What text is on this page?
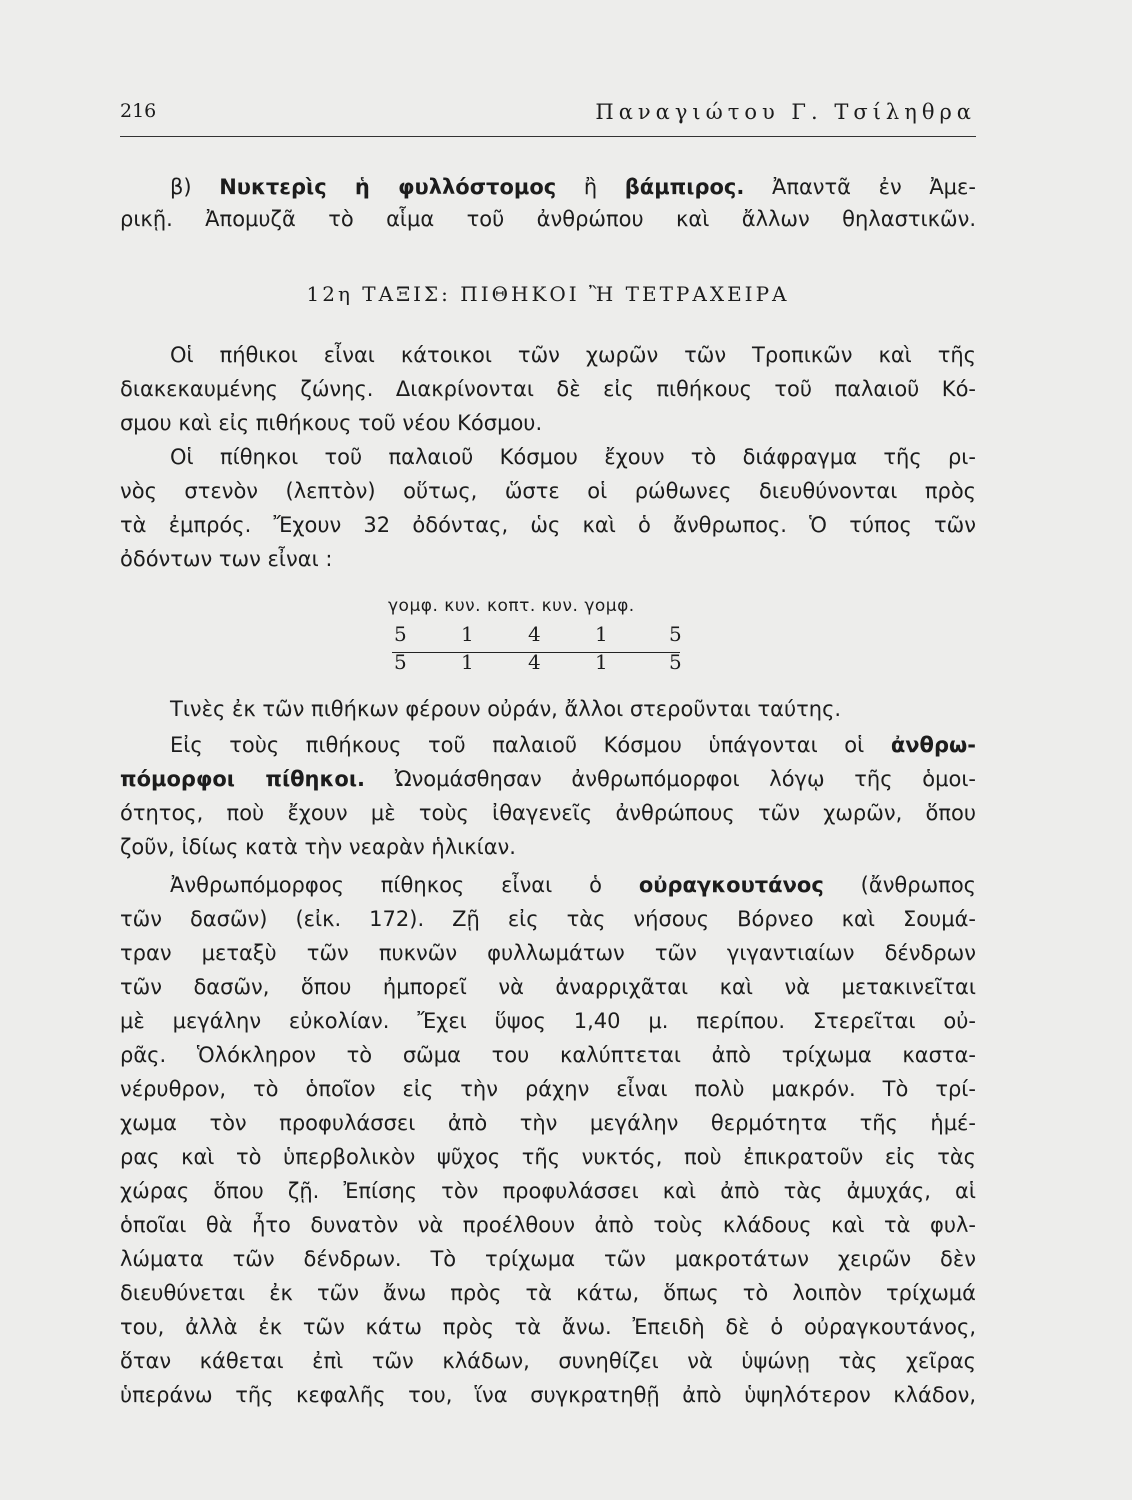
216	Παναγιώτου Γ. Τσίληθρα
β) Νυκτερὶς ἡ φυλλόστομος ἢ βάμπιρος. Ἀπαντᾶ ἐν Ἀμε-
ρικῇ. Ἀπομυζᾶ τὸ αἷμα τοῦ ἀνθρώπου καὶ ἄλλων θηλαστικῶν.
12η ΤΑΞΙΣ: ΠΙΘΗΚΟΙ Ἢ ΤΕΤΡΑΧΕΙΡΑ
Οἱ πήθικοι εἶναι κάτοικοι τῶν χωρῶν τῶν Τροπικῶν καὶ τῆς
διακεκαυμένης ζώνης. Διακρίνονται δὲ εἰς πιθήκους τοῦ παλαιοῦ Κό-
σμου καὶ εἰς πιθήκους τοῦ νέου Κόσμου.
Οἱ πίθηκοι τοῦ παλαιοῦ Κόσμου ἔχουν τὸ διάφραγμα τῆς ρι-
νὸς στενὸν (λεπτὸν) οὕτως, ὥστε οἱ ρώθωνες διευθύνονται πρὸς
τὰ ἐμπρός. Ἔχουν 32 ὀδόντας, ὡς καὶ ὁ ἄνθρωπος. Ὁ τύπος τῶν
ὀδόντων των εἶναι :
γομφ. κυν. κοπτ. κυν. γομφ.
5	1	4	1	5
5	1	4	1	5
Τινὲς ἐκ τῶν πιθήκων φέρουν οὐράν, ἄλλοι στεροῦνται ταύτης.
Εἰς τοὺς πιθήκους τοῦ παλαιοῦ Κόσμου ὑπάγονται οἱ ἀνθρω-
πόμορφοι πίθηκοι. Ὠνομάσθησαν ἀνθρωπόμορφοι λόγῳ τῆς ὁμοι-
ότητος, ποὺ ἔχουν μὲ τοὺς ἰθαγενεῖς ἀνθρώπους τῶν χωρῶν, ὅπου
ζοῦν, ἰδίως κατὰ τὴν νεαρὰν ἡλικίαν.
Ἀνθρωπόμορφος πίθηκος εἶναι ὁ οὐραγκουτάνος (ἄνθρωπος
τῶν δασῶν) (εἰκ. 172). Ζῇ εἰς τὰς νήσους Βόρνεο καὶ Σουμά-
τραν μεταξὺ τῶν πυκνῶν φυλλωμάτων τῶν γιγαντιαίων δένδρων
τῶν δασῶν, ὅπου ἠμπορεῖ νὰ ἀναρριχᾶται καὶ νὰ μετακινεῖται
μὲ μεγάλην εὐκολίαν. Ἔχει ὕψος 1,40 μ. περίπου. Στερεῖται οὐ-
ρᾶς. Ὁλόκληρον τὸ σῶμα του καλύπτεται ἀπὸ τρίχωμα καστα-
νέρυθρον, τὸ ὁποῖον εἰς τὴν ράχην εἶναι πολὺ μακρόν. Τὸ τρί-
χωμα τὸν προφυλάσσει ἀπὸ τὴν μεγάλην θερμότητα τῆς ἡμέ-
ρας καὶ τὸ ὑπερβολικὸν ψῦχος τῆς νυκτός, ποὺ ἐπικρατοῦν εἰς τὰς
χώρας ὅπου ζῇ. Ἐπίσης τὸν προφυλάσσει καὶ ἀπὸ τὰς ἀμυχάς, αἱ
ὁποῖαι θὰ ἦτο δυνατὸν νὰ προέλθουν ἀπὸ τοὺς κλάδους καὶ τὰ φυλ-
λώματα τῶν δένδρων. Τὸ τρίχωμα τῶν μακροτάτων χειρῶν δὲν
διευθύνεται ἐκ τῶν ἄνω πρὸς τὰ κάτω, ὅπως τὸ λοιπὸν τρίχωμά
του, ἀλλὰ ἐκ τῶν κάτω πρὸς τὰ ἄνω. Ἐπειδὴ δὲ ὁ οὐραγκουτάνος,
ὅταν κάθεται ἐπὶ τῶν κλάδων, συνηθίζει νὰ ὑψώνῃ τὰς χεῖρας
ὑπεράνω τῆς κεφαλῆς του, ἵνα συγκρατηθῇ ἀπὸ ὑψηλότερον κλάδον,
